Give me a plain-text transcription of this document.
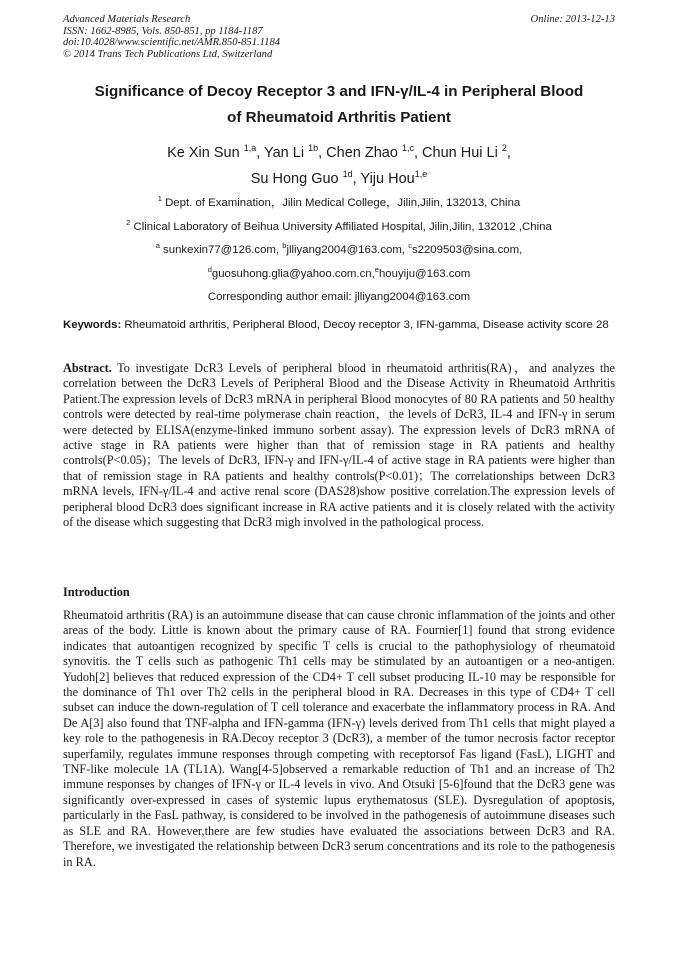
Advanced Materials Research
ISSN: 1662-8985, Vols. 850-851, pp 1184-1187
doi:10.4028/www.scientific.net/AMR.850-851.1184
© 2014 Trans Tech Publications Ltd, Switzerland
Online: 2013-12-13
Significance of Decoy Receptor 3 and IFN-γ/IL-4 in Peripheral Blood
of Rheumatoid Arthritis Patient
Ke Xin Sun $^{1,a}$, Yan Li $^{1b}$, Chen Zhao $^{1,c}$, Chun Hui Li $^2$,
Su Hong Guo $^{1d}$, Yiju Hou$^{1,e}$
$^1$ Dept. of Examination，Jilin Medical College，Jilin,Jilin, 132013, China
$^2$ Clinical Laboratory of Beihua University Affiliated Hospital, Jilin,Jilin, 132012 ,China
$^a$ sunkexin77@126.com, $^b$jlliyang2004@163.com, $^c$s2209503@sina.com,
$^d$guosuhong.glia@yahoo.com.cn,$^e$houyiju@163.com
Corresponding author email: jlliyang2004@163.com
Keywords: Rheumatoid arthritis, Peripheral Blood, Decoy receptor 3, IFN-gamma, Disease activity score 28
Abstract. To investigate DcR3 Levels of peripheral blood in rheumatoid arthritis(RA)，and analyzes the correlation between the DcR3 Levels of Peripheral Blood and the Disease Activity in Rheumatoid Arthritis Patient.The expression levels of DcR3 mRNA in peripheral Blood monocytes of 80 RA patients and 50 healthy controls were detected by real-time polymerase chain reaction，the levels of DcR3, IL-4 and IFN-γ in serum were detected by ELISA(enzyme-linked immuno sorbent assay). The expression levels of DcR3 mRNA of active stage in RA patients were higher than that of remission stage in RA patients and healthy controls(P<0.05)；The levels of DcR3, IFN-γ and IFN-γ/IL-4 of active stage in RA patients were higher than that of remission stage in RA patients and healthy controls(P<0.01)；The correlationships between DcR3 mRNA levels, IFN-γ/IL-4 and active renal score (DAS28)show positive correlation.The expression levels of peripheral blood DcR3 does significant increase in RA active patients and it is closely related with the activity of the disease which suggesting that DcR3 migh involved in the pathological process.
Introduction
Rheumatoid arthritis (RA) is an autoimmune disease that can cause chronic inflammation of the joints and other areas of the body. Little is known about the primary cause of RA. Fournier[1] found that strong evidence indicates that autoantigen recognized by specific T cells is crucial to the pathophysiology of rheumatoid synovitis. the T cells such as pathogenic Th1 cells may be stimulated by an autoantigen or a neo-antigen. Yudoh[2] believes that reduced expression of the CD4+ T cell subset producing IL-10 may be responsible for the dominance of Th1 over Th2 cells in the peripheral blood in RA. Decreases in this type of CD4+ T cell subset can induce the down-regulation of T cell tolerance and exacerbate the inflammatory process in RA. And De A[3] also found that TNF-alpha and IFN-gamma (IFN-γ) levels derived from Th1 cells that might played a key role to the pathogenesis in RA.Decoy receptor 3 (DcR3), a member of the tumor necrosis factor receptor superfamily, regulates immune responses through competing with receptorsof Fas ligand (FasL), LIGHT and TNF-like molecule 1A (TL1A). Wang[4-5]observed a remarkable reduction of Th1 and an increase of Th2 immune responses by changes of IFN-γ or IL-4 levels in vivo. And Otsuki [5-6]found that the DcR3 gene was significantly over-expressed in cases of systemic lupus erythematosus (SLE). Dysregulation of apoptosis, particularly in the FasL pathway, is considered to be involved in the pathogenesis of autoimmune diseases such as SLE and RA. However,there are few studies have evaluated the associations between DcR3 and RA. Therefore, we investigated the relationship between DcR3 serum concentrations and its role to the pathogenesis in RA.
